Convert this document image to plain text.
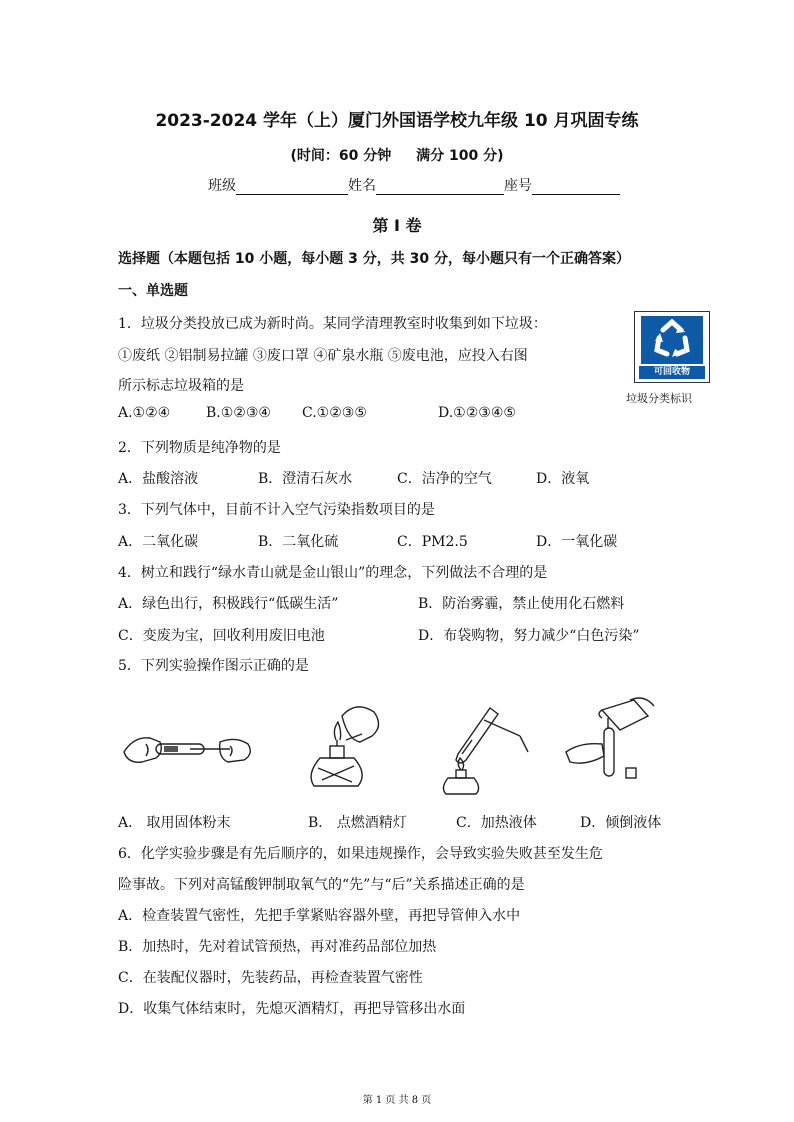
2023-2024 学年（上）厦门外国语学校九年级 10 月巩固专练
(时间：60 分钟 满分 100 分)
班级	姓名	座号
第 I 卷
选择题（本题包括 10 小题，每小题 3 分，共 30 分，每小题只有一个正确答案）
一、单选题
1．垃圾分类投放已成为新时尚。某同学清理教室时收集到如下垃圾：
①废纸 ②铝制易拉罐 ③废口罩 ④矿泉水瓶 ⑤废电池，应投入右图
所示标志垃圾箱的是
A.①②④	B.①②③④ C.①②③⑤	D.①②③④⑤
可回收物
垃圾分类标识
2．下列物质是纯净物的是
A．盐酸溶液	B．澄清石灰水	C．洁净的空气	D．液氧
3．下列气体中，目前不计入空气污染指数项目的是
A．二氧化碳	B．二氧化硫	C．PM2.5	D．一氧化碳
4．树立和践行“绿水青山就是金山银山”的理念，下列做法不合理的是
A．绿色出行，积极践行“低碳生活”	B．防治雾霾，禁止使用化石燃料
C．变废为宝，回收利用废旧电池	D．布袋购物，努力减少“白色污染”
5．下列实验操作图示正确的是
A． 取用固体粉末	B． 点燃酒精灯	C．加热液体	D．倾倒液体
6．化学实验步骤是有先后顺序的，如果违规操作，会导致实验失败甚至发生危
险事故。下列对高锰酸钾制取氧气的“先”与“后”关系描述正确的是
A．检查装置气密性，先把手掌紧贴容器外壁，再把导管伸入水中
B．加热时，先对着试管预热，再对准药品部位加热
C．在装配仪器时，先装药品，再检查装置气密性
D．收集气体结束时，先熄灭酒精灯，再把导管移出水面
第 1 页 共 8 页
